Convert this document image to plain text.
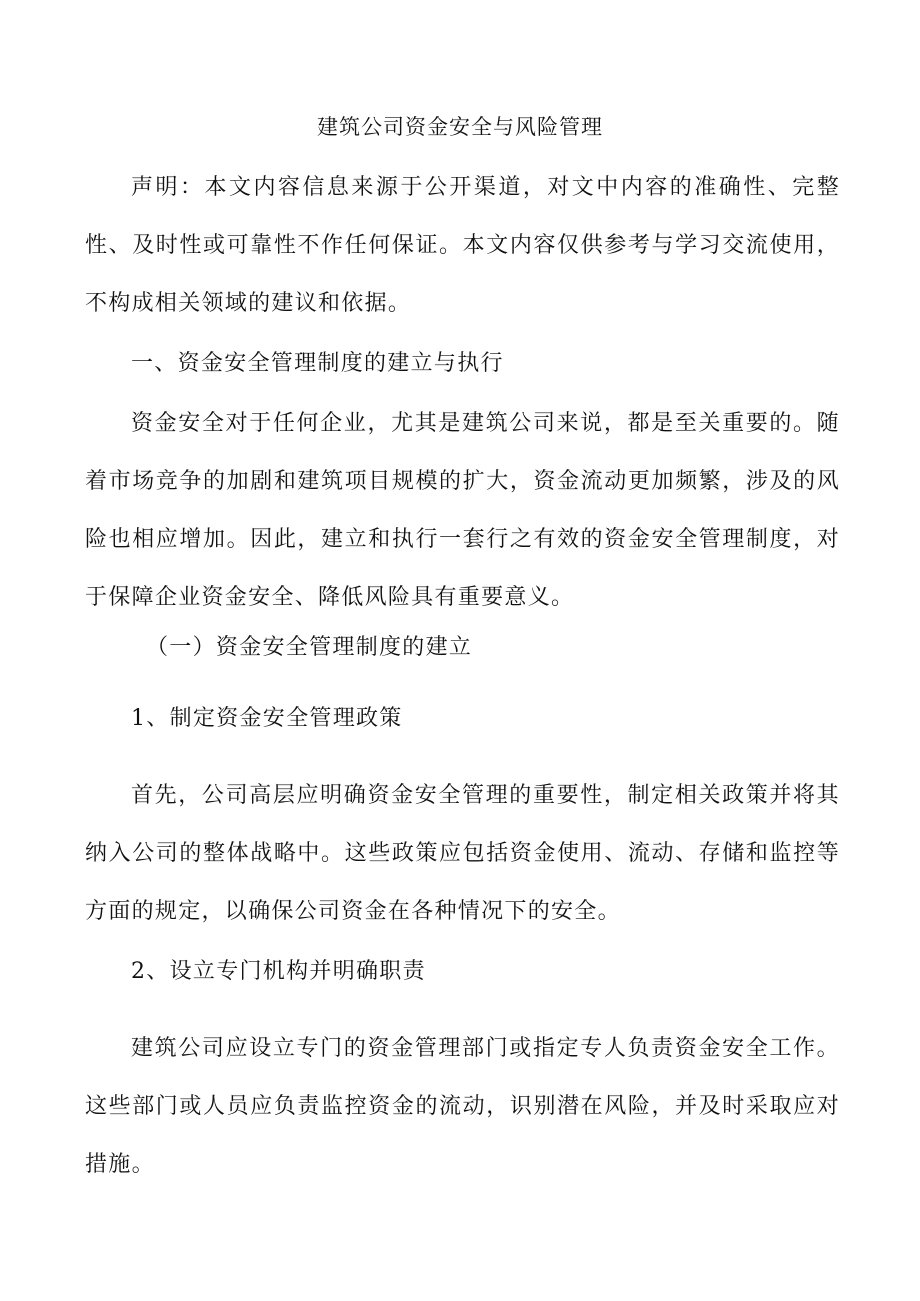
建筑公司资金安全与风险管理

声明：本文内容信息来源于公开渠道，对文中内容的准确性、完整性、及时性或可靠性不作任何保证。本文内容仅供参考与学习交流使用，不构成相关领域的建议和依据。

一、资金安全管理制度的建立与执行

资金安全对于任何企业，尤其是建筑公司来说，都是至关重要的。随着市场竞争的加剧和建筑项目规模的扩大，资金流动更加频繁，涉及的风险也相应增加。因此，建立和执行一套行之有效的资金安全管理制度，对于保障企业资金安全、降低风险具有重要意义。

（一）资金安全管理制度的建立

1、制定资金安全管理政策

首先，公司高层应明确资金安全管理的重要性，制定相关政策并将其纳入公司的整体战略中。这些政策应包括资金使用、流动、存储和监控等方面的规定，以确保公司资金在各种情况下的安全。

2、设立专门机构并明确职责

建筑公司应设立专门的资金管理部门或指定专人负责资金安全工作。这些部门或人员应负责监控资金的流动，识别潜在风险，并及时采取应对措施。
